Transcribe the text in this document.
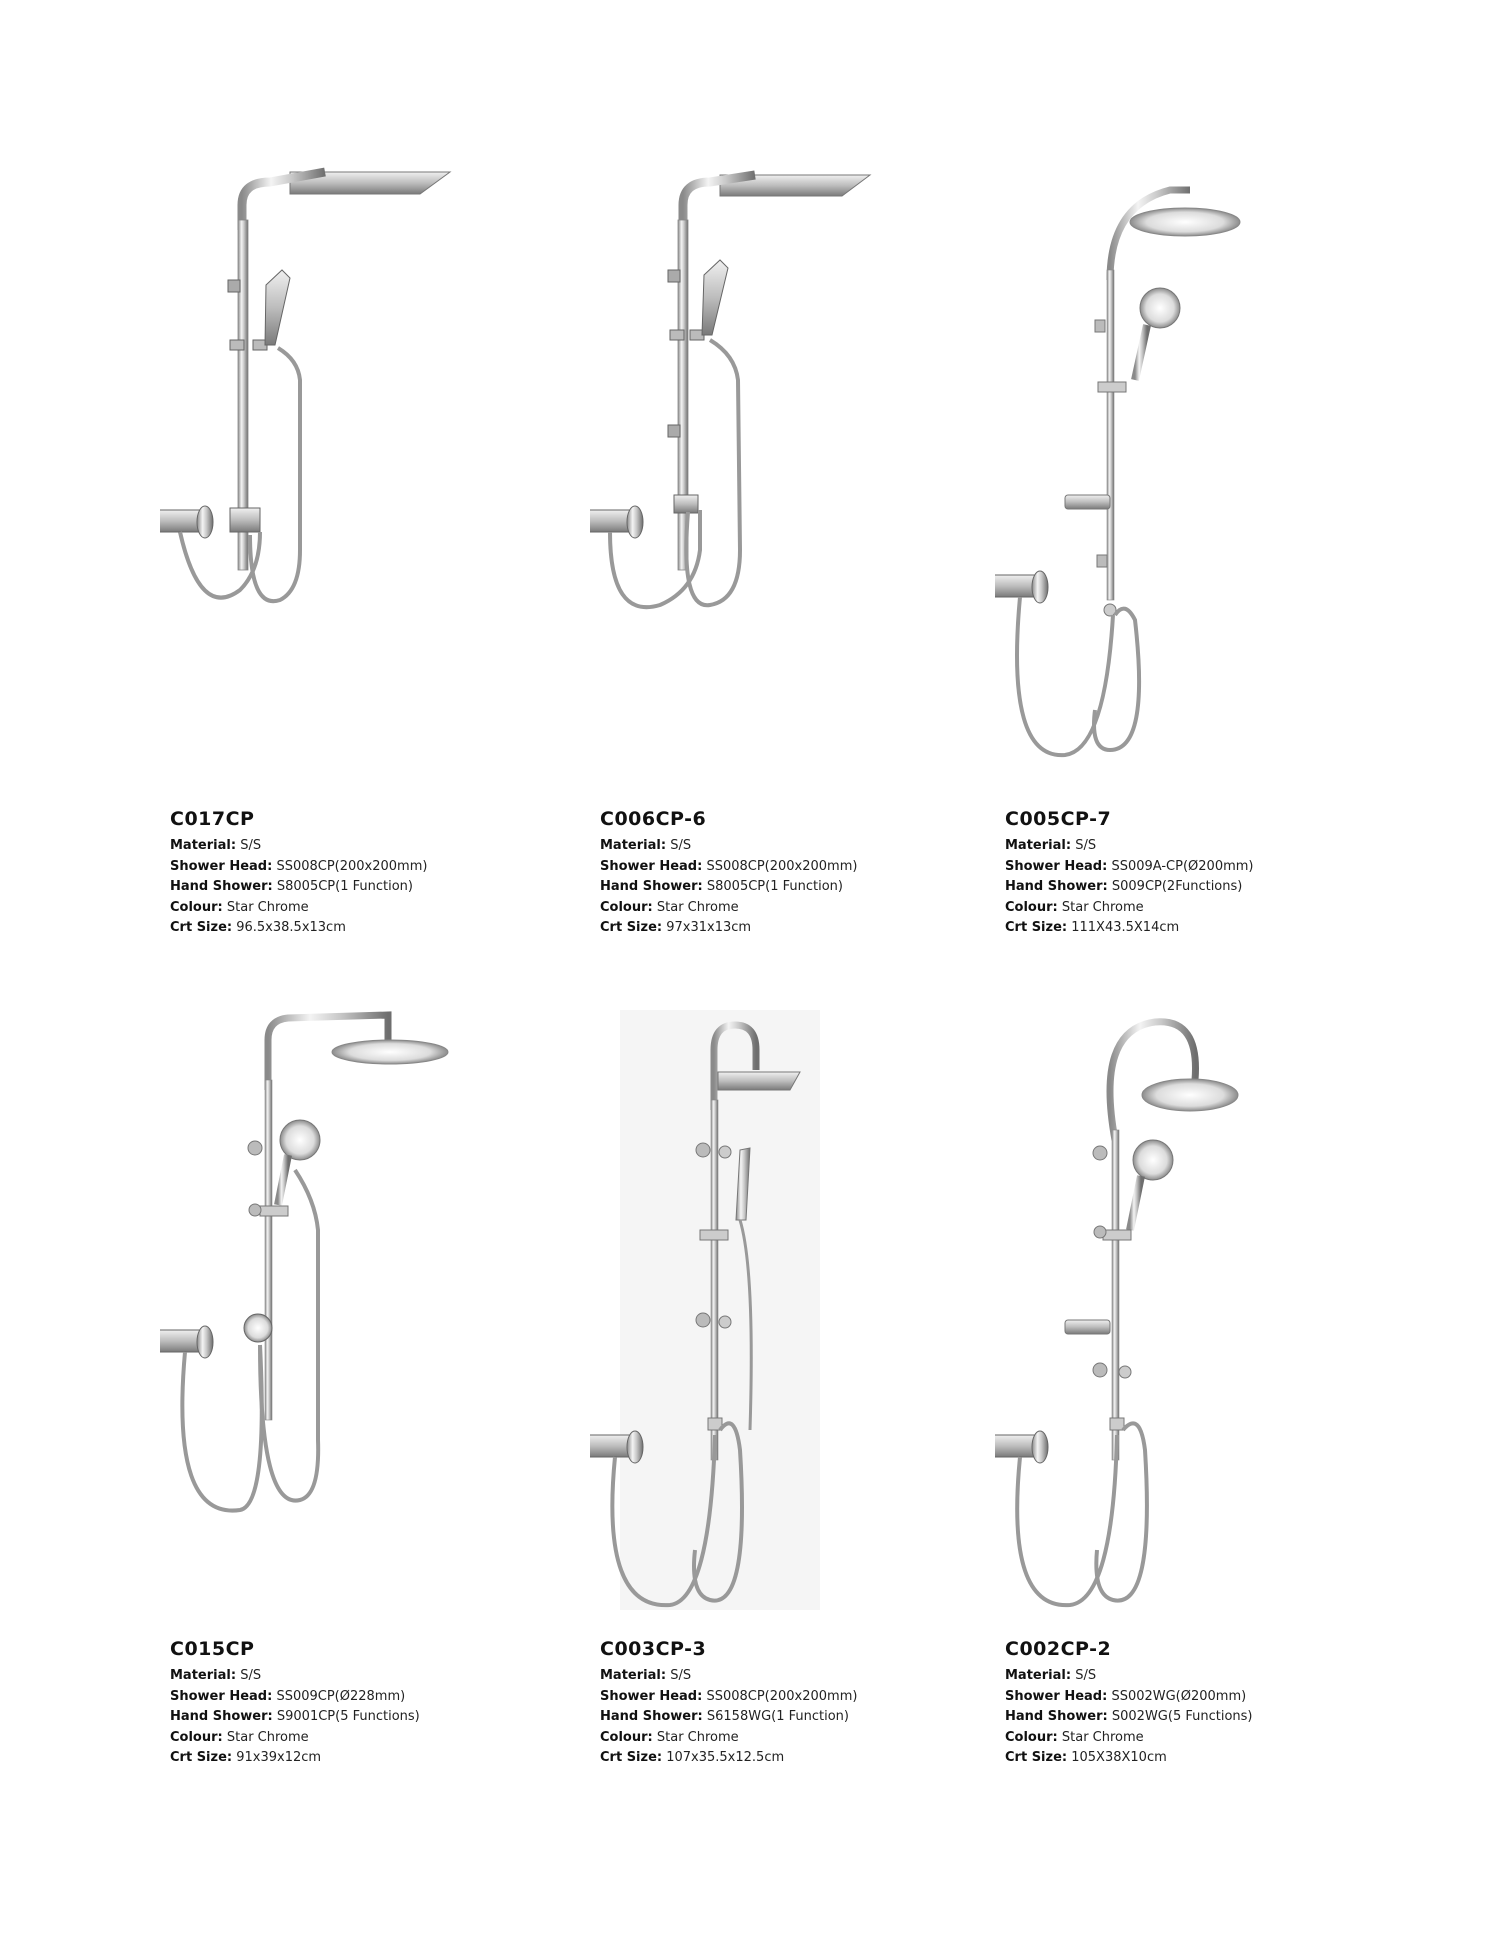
C017CP
Material: S/S
Shower Head: SS008CP(200x200mm)
Hand Shower: S8005CP(1 Function)
Colour: Star Chrome
Crt Size: 96.5x38.5x13cm
C006CP-6
Material: S/S
Shower Head: SS008CP(200x200mm)
Hand Shower: S8005CP(1 Function)
Colour: Star Chrome
Crt Size: 97x31x13cm
C005CP-7
Material: S/S
Shower Head: SS009A-CP(Ø200mm)
Hand Shower: S009CP(2Functions)
Colour: Star Chrome
Crt Size: 111X43.5X14cm
C015CP
Material: S/S
Shower Head: SS009CP(Ø228mm)
Hand Shower: S9001CP(5 Functions)
Colour: Star Chrome
Crt Size: 91x39x12cm
C003CP-3
Material: S/S
Shower Head: SS008CP(200x200mm)
Hand Shower: S6158WG(1 Function)
Colour: Star Chrome
Crt Size: 107x35.5x12.5cm
C002CP-2
Material: S/S
Shower Head: SS002WG(Ø200mm)
Hand Shower: S002WG(5 Functions)
Colour: Star Chrome
Crt Size: 105X38X10cm
